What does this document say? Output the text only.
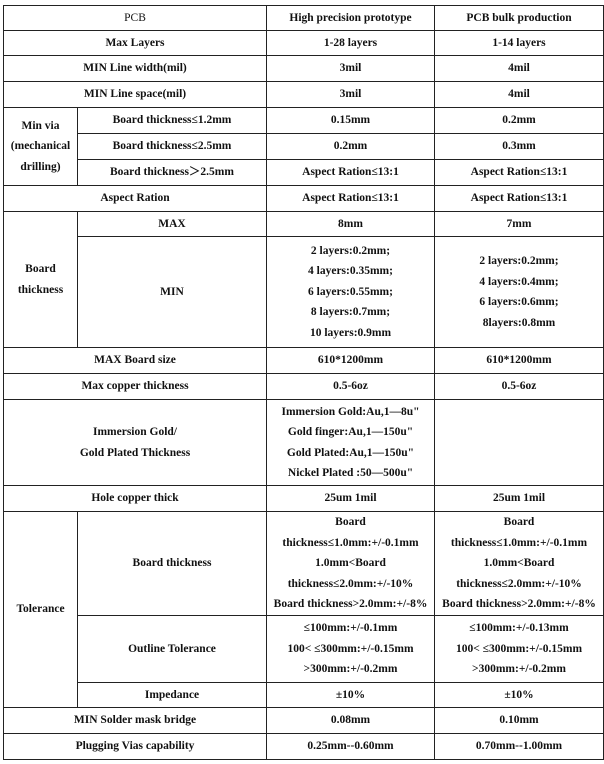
PCB		High precision prototype	PCB bulk production
Max Layers		1-28 layers	1-14 layers
MIN Line width(mil)		3mil	4mil
MIN Line space(mil)		3mil	4mil

Min via
(mechanical
drilling)	Board thickness≤1.2mm	0.15mm	0.2mm
	Board thickness≤2.5mm	0.2mm	0.3mm
	Board thickness＞2.5mm	Aspect Ration≤13:1	Aspect Ration≤13:1
Aspect Ration		Aspect Ration≤13:1	Aspect Ration≤13:1

Board
thickness	MAX	8mm	7mm
	MIN	2 layers:0.2mm;
4 layers:0.35mm;
6 layers:0.55mm;
8 layers:0.7mm;
10 layers:0.9mm	2 layers:0.2mm;
4 layers:0.4mm;
6 layers:0.6mm;
8layers:0.8mm

MAX Board size		610*1200mm	610*1200mm
Max copper thickness		0.5-6oz	0.5-6oz

Immersion Gold/
Gold Plated Thickness		Immersion Gold:Au,1—8u"
Gold finger:Au,1—150u"
Gold Plated:Au,1—150u"
Nickel Plated :50—500u"	

Hole copper thick		25um 1mil	25um 1mil
Tolerance	Board thickness	Board
thickness≤1.0mm:+/-0.1mm
1.0mm<Board
thickness≤2.0mm:+/-10%
Board thickness>2.0mm:+/-8%	Board
thickness≤1.0mm:+/-0.1mm
1.0mm<Board
thickness≤2.0mm:+/-10%
Board thickness>2.0mm:+/-8%

	Outline Tolerance	≤100mm:+/-0.1mm
100< ≤300mm:+/-0.15mm
>300mm:+/-0.2mm	≤100mm:+/-0.13mm
100< ≤300mm:+/-0.15mm
>300mm:+/-0.2mm

	Impedance	±10%	±10%
MIN Solder mask bridge		0.08mm	0.10mm
Plugging Vias capability		0.25mm--0.60mm	0.70mm--1.00mm
